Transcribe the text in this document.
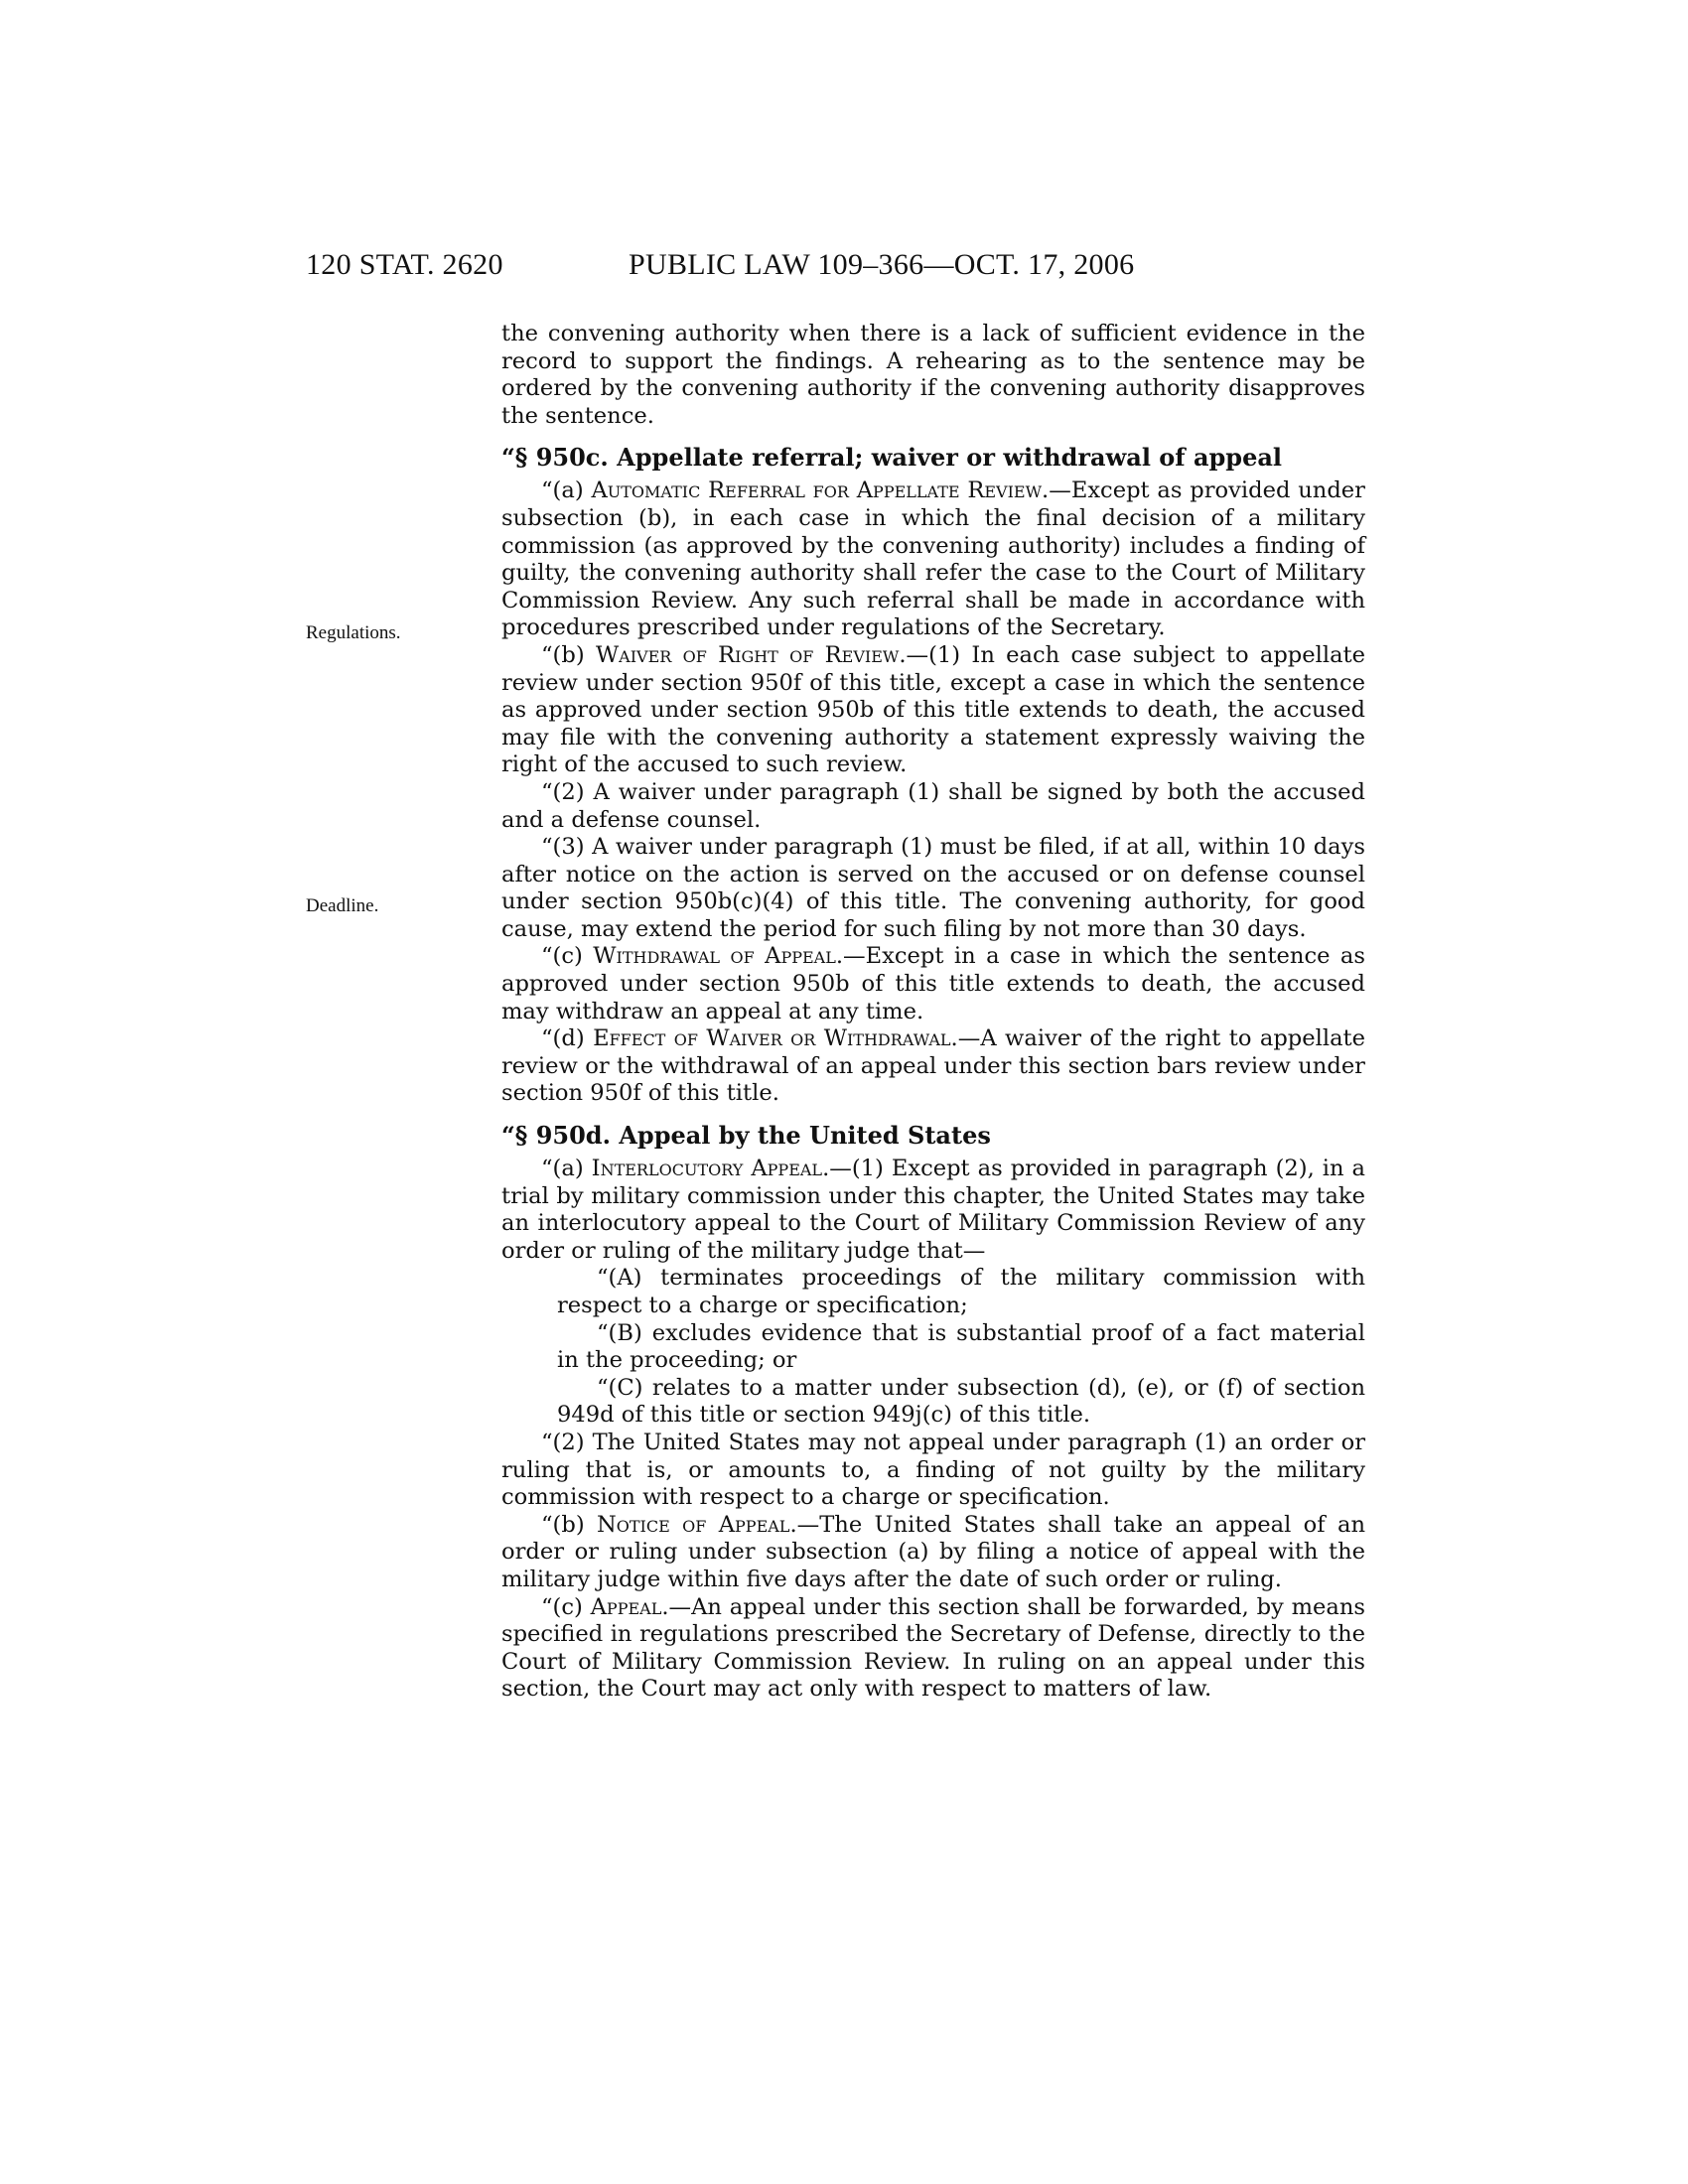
120 STAT. 2620	PUBLIC LAW 109–366—OCT. 17, 2006
Regulations.
Deadline.

the convening authority when there is a lack of sufficient evidence in the record to support the findings. A rehearing as to the sentence may be ordered by the convening authority if the convening authority disapproves the sentence.

“§ 950c. Appellate referral; waiver or withdrawal of appeal

“(a) Automatic Referral for Appellate Review.—Except as provided under subsection (b), in each case in which the final decision of a military commission (as approved by the convening authority) includes a finding of guilty, the convening authority shall refer the case to the Court of Military Commission Review. Any such referral shall be made in accordance with procedures prescribed under regulations of the Secretary.

“(b) Waiver of Right of Review.—(1) In each case subject to appellate review under section 950f of this title, except a case in which the sentence as approved under section 950b of this title extends to death, the accused may file with the convening authority a statement expressly waiving the right of the accused to such review.

“(2) A waiver under paragraph (1) shall be signed by both the accused and a defense counsel.

“(3) A waiver under paragraph (1) must be filed, if at all, within 10 days after notice on the action is served on the accused or on defense counsel under section 950b(c)(4) of this title. The convening authority, for good cause, may extend the period for such filing by not more than 30 days.

“(c) Withdrawal of Appeal.—Except in a case in which the sentence as approved under section 950b of this title extends to death, the accused may withdraw an appeal at any time.

“(d) Effect of Waiver or Withdrawal.—A waiver of the right to appellate review or the withdrawal of an appeal under this section bars review under section 950f of this title.

“§ 950d. Appeal by the United States

“(a) Interlocutory Appeal.—(1) Except as provided in paragraph (2), in a trial by military commission under this chapter, the United States may take an interlocutory appeal to the Court of Military Commission Review of any order or ruling of the military judge that—

“(A) terminates proceedings of the military commission with respect to a charge or specification;

“(B) excludes evidence that is substantial proof of a fact material in the proceeding; or

“(C) relates to a matter under subsection (d), (e), or (f) of section 949d of this title or section 949j(c) of this title.

“(2) The United States may not appeal under paragraph (1) an order or ruling that is, or amounts to, a finding of not guilty by the military commission with respect to a charge or specification.

“(b) Notice of Appeal.—The United States shall take an appeal of an order or ruling under subsection (a) by filing a notice of appeal with the military judge within five days after the date of such order or ruling.

“(c) Appeal.—An appeal under this section shall be forwarded, by means specified in regulations prescribed the Secretary of Defense, directly to the Court of Military Commission Review. In ruling on an appeal under this section, the Court may act only with respect to matters of law.
